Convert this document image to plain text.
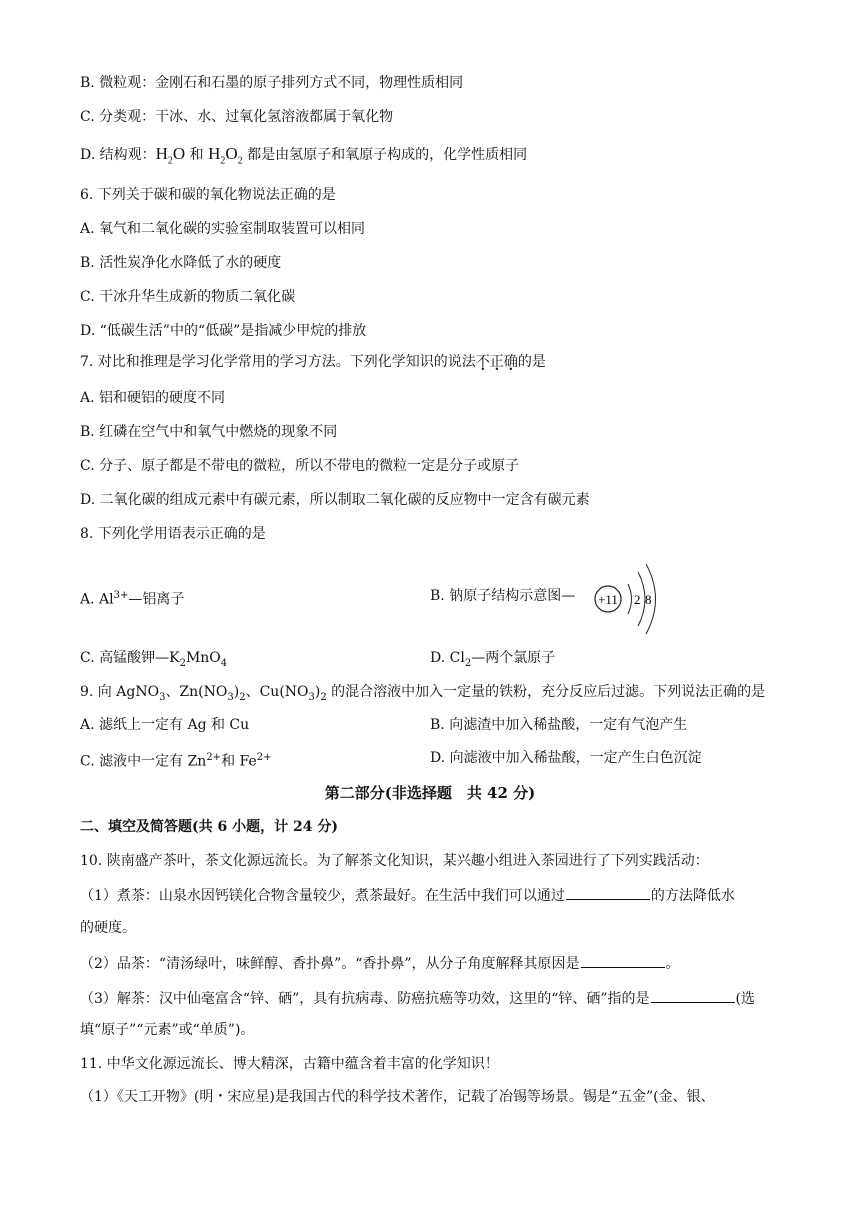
B. 微粒观：金刚石和石墨的原子排列方式不同，物理性质相同
C. 分类观：干冰、水、过氧化氢溶液都属于氧化物
D. 结构观：$H_2O$ 和 $H_2O_2$ 都是由氢原子和氧原子构成的，化学性质相同
6. 下列关于碳和碳的氧化物说法正确的是
A. 氧气和二氧化碳的实验室制取装置可以相同
B. 活性炭净化水降低了水的硬度
C. 干冰升华生成新的物质二氧化碳
D. “低碳生活”中的“低碳”是指减少甲烷的排放
7. 对比和推理是学习化学常用的学习方法。下列化学知识的说法不正确的是
A. 铝和硬铝的硬度不同
B. 红磷在空气中和氧气中燃烧的现象不同
C. 分子、原子都是不带电的微粒，所以不带电的微粒一定是分子或原子
D. 二氧化碳的组成元素中有碳元素，所以制取二氧化碳的反应物中一定含有碳元素
8. 下列化学用语表示正确的是
A. $Al^{3+}—$铝离子	B. 钠原子结构示意图— +11 2 8
C. 高锰酸钾$—K_2MnO_4$	D. $Cl_2—$两个氯原子
9. 向 AgNO$_3$、$Zn(NO_3)_2$、$Cu(NO_3)_2$ 的混合溶液中加入一定量的铁粉，充分反应后过滤。下列说法正确的是
A. 滤纸上一定有 Ag 和 Cu	B. 向滤渣中加入稀盐酸，一定有气泡产生
C. 滤液中一定有 $Zn^{2+}$和 $Fe^{2+}$	D. 向滤液中加入稀盐酸，一定产生白色沉淀
第二部分(非选择题　共 42 分)
二、填空及简答题(共 6 小题，计 24 分)
10. 陕南盛产茶叶，茶文化源远流长。为了解茶文化知识，某兴趣小组进入茶园进行了下列实践活动：
（1）煮茶：山泉水因钙镁化合物含量较少，煮茶最好。在生活中我们可以通过	的方法降低水
的硬度。
（2）品茶：“清汤绿叶，味鲜醇、香扑鼻”。“香扑鼻”，从分子角度解释其原因是	。
（3）解茶：汉中仙毫富含“锌、硒”，具有抗病毒、防癌抗癌等功效，这里的“锌、硒”指的是	(选
填“原子”“元素”或“单质”)。
11. 中华文化源远流长、博大精深，古籍中蕴含着丰富的化学知识！
（1）《天工开物》(明・宋应星)是我国古代的科学技术著作，记载了冶锡等场景。锡是“五金”(金、银、
